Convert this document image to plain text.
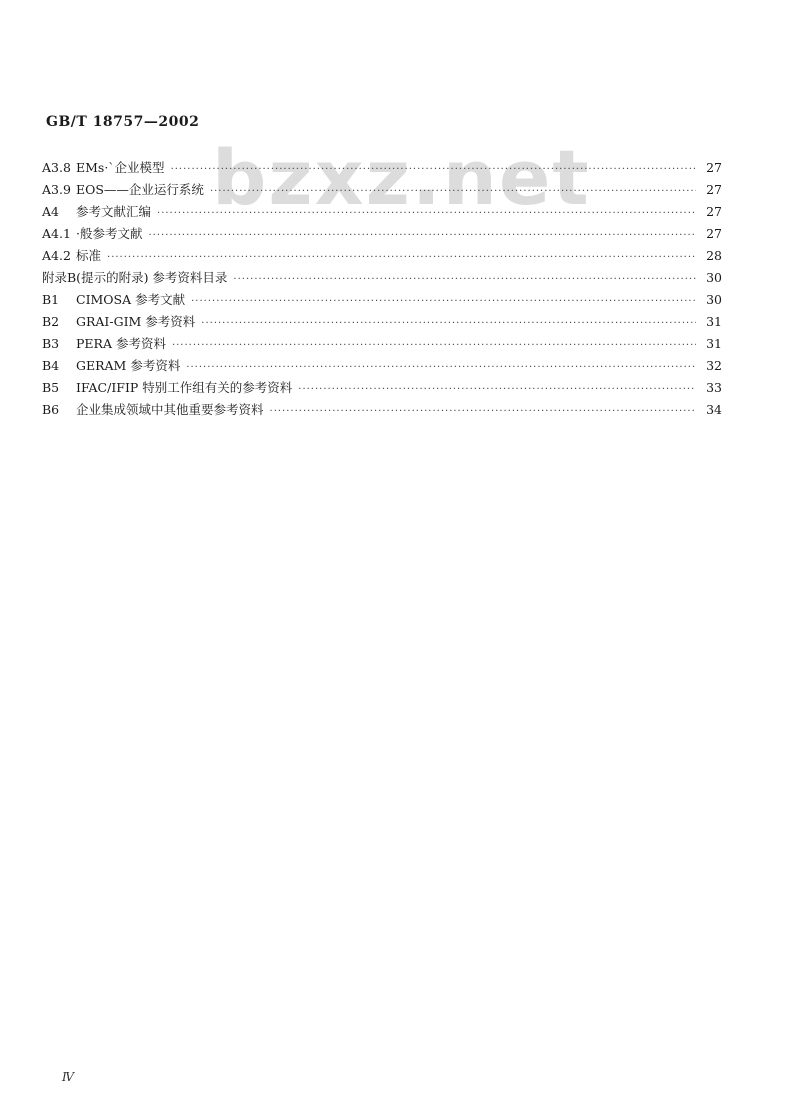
GB/T 18757—2002
bzxz.net
A3.8 EMs·`企业模型 ·····	27
A3.9 EOS——企业运行系统 ·····	27
A4	参考文献汇编 ·····	27
A4.1 ·般参考文献 ·····	27
A4.2 标准 ·····	28
附录B(提示的附录) 参考资料目录 ·····	30
B1	CIMOSA 参考文献 ·····	30
B2	GRAI-GIM 参考资料 ·····	31
B3	PERA 参考资料 ·····	31
B4	GERAM 参考资料 ·····	32
B5	IFAC/IFIP 特别工作组有关的参考资料 ·····	33
B6	企业集成领域中其他重要参考资料 ·····	34
Ⅳ
